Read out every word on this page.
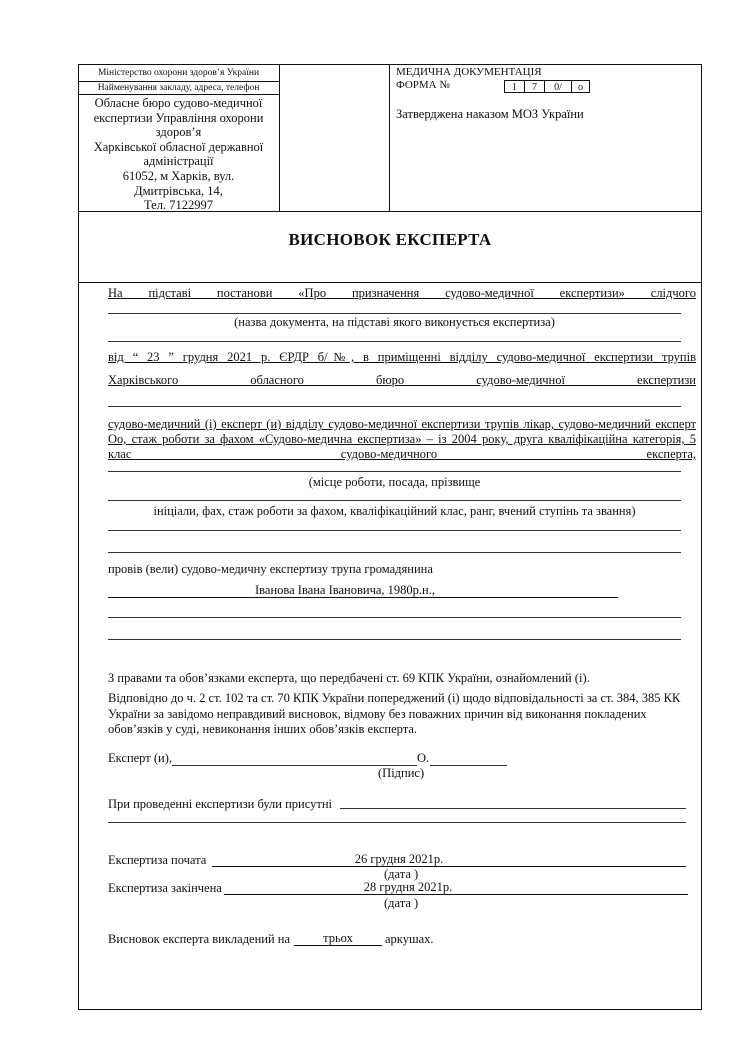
Міністерство охорони здоров’я України
Найменування закладу, адреса, телефон
Обласне бюро судово-медичної
експертизи Управління охорони
здоров’я
Харківської обласної державної
адміністрації
61052, м Харків, вул.
Дмитрівська, 14,
Тел. 7122997
МЕДИЧНА ДОКУМЕНТАЦІЯ
ФОРМА №	1	7	0/	о
Затверджена наказом МОЗ України
ВИСНОВОК ЕКСПЕРТА
На підставі постанови «Про призначення судово-медичної експертизи» слідчого
(назва документа, на підставі якого виконується експертиза)
від “ 23 ” грудня 2021 р. ЄРДР б/№, в приміщенні відділу судово-медичної експертизи трупів
Харківського обласного бюро судово-медичної експертизи
судово-медичний (і) експерт (и) відділу судово-медичної експертизи трупів лікар, судово-медичний експерт
Оо, стаж роботи за фахом «Судово-медична експертиза» – із 2004 року, друга кваліфікаційна категорія, 5
клас судово-медичного експерта,
(місце роботи, посада, прізвище
ініціали, фах, стаж роботи за фахом, кваліфікаційний клас, ранг, вчений ступінь та звання)
провів (вели) судово-медичну експертизу трупа громадянина
Іванова Івана Івановича, 1980р.н.,
З правами та обов’язками експерта, що передбачені ст. 69 КПК України, ознайомлений (і).
Відповідно до ч. 2 ст. 102 та ст. 70 КПК України попереджений (і) щодо відповідальності за ст. 384, 385 КК України за завідомо неправдивий висновок, відмову без поважних причин від виконання покладених обов’язків у суді, невиконання інших обов’язків експерта.
Експерт (и),	О.
(Підпис)
При проведенні експертизи були присутні
Експертиза почата	26 грудня 2021р.
(дата )
Експертиза закінчена	28 грудня 2021р.
(дата )
Висновок експерта викладений на	трьох	аркушах.
